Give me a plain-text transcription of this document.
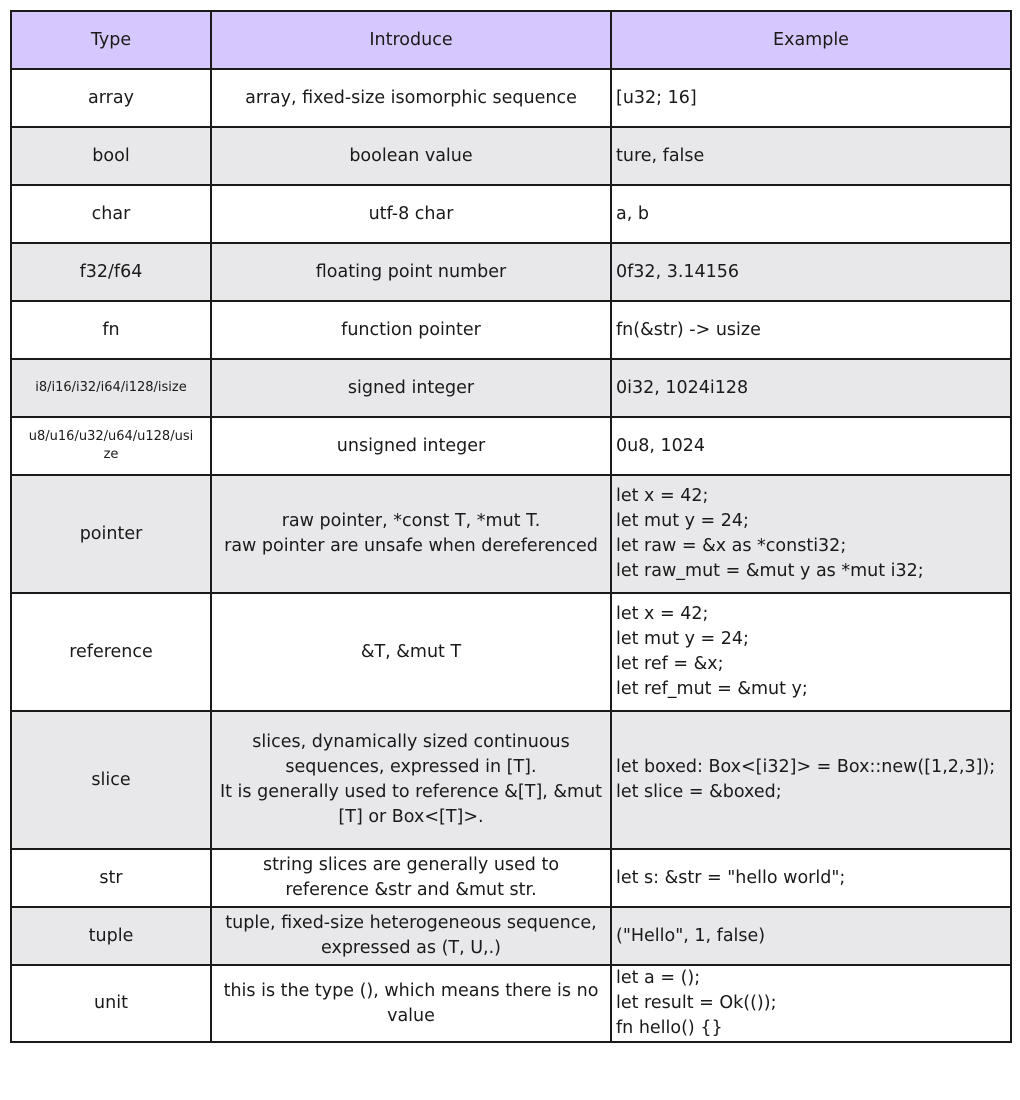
Type	Introduce	Example
array	array, fixed-size isomorphic sequence	[u32; 16]

bool	boolean value	ture, false

char	utf-8 char	a, b

f32/f64	floating point number	0f32, 3.14156

fn	function pointer	fn(&str) -> usize

i8/i16/i32/i64/i128/isize	signed integer	0i32, 1024i128

u8/u16/u32/u64/u128/usi
ze	unsigned integer	0u8, 1024

pointer	raw pointer, *const T, *mut T.
raw pointer are unsafe when dereferenced	let x = 42;
let mut y = 24;
let raw = &x as *consti32;
let raw_mut = &mut y as *mut i32;

reference	&T, &mut T	let x = 42;
let mut y = 24;
let ref = &x;
let ref_mut = &mut y;

slice	slices, dynamically sized continuous
sequences, expressed in [T].
It is generally used to reference &[T], &mut
[T] or Box<[T]>.	let boxed: Box<[i32]> = Box::new([1,2,3]);
let slice = &boxed;

str	string slices are generally used to
reference &str and &mut str.	let s: &str = "hello world";

tuple	tuple, fixed-size heterogeneous sequence,
expressed as (T, U,.)	("Hello", 1, false)

unit	this is the type (), which means there is no
value	let a = ();
let result = Ok(());
fn hello() {}
